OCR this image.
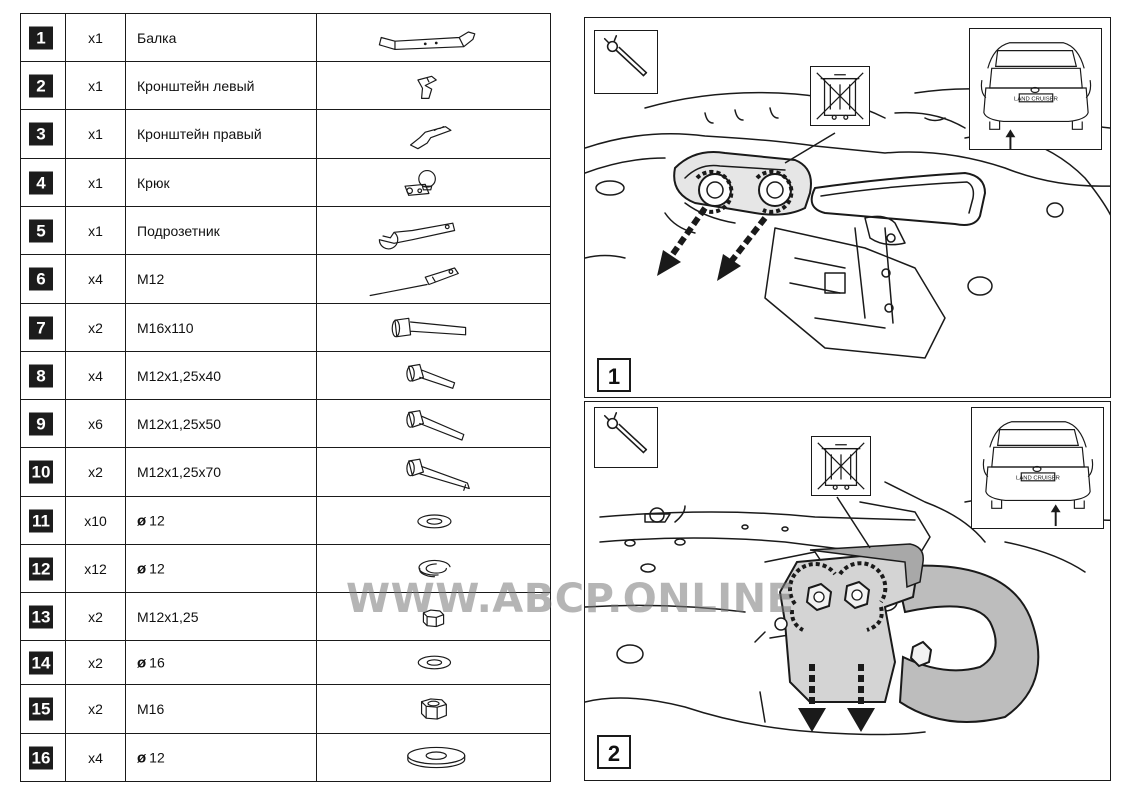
1	x1	Балка
2	x1	Кронштейн левый
3	x1	Кронштейн правый
4	x1	Крюк
5	x1	Подрозетник
6	x4	M12
7	x2	M16x110
8	x4	M12x1,25x40
9	x6	M12x1,25x50
10	x2	M12x1,25x70
11	x10	ø 12
12	x12	ø 12
13	x2	M12x1,25
14	x2	ø 16
15	x2	M16
16	x4	ø 12
LAND CRUISER
1
LAND CRUISER
2
WWW.ABCP.ONLINE
